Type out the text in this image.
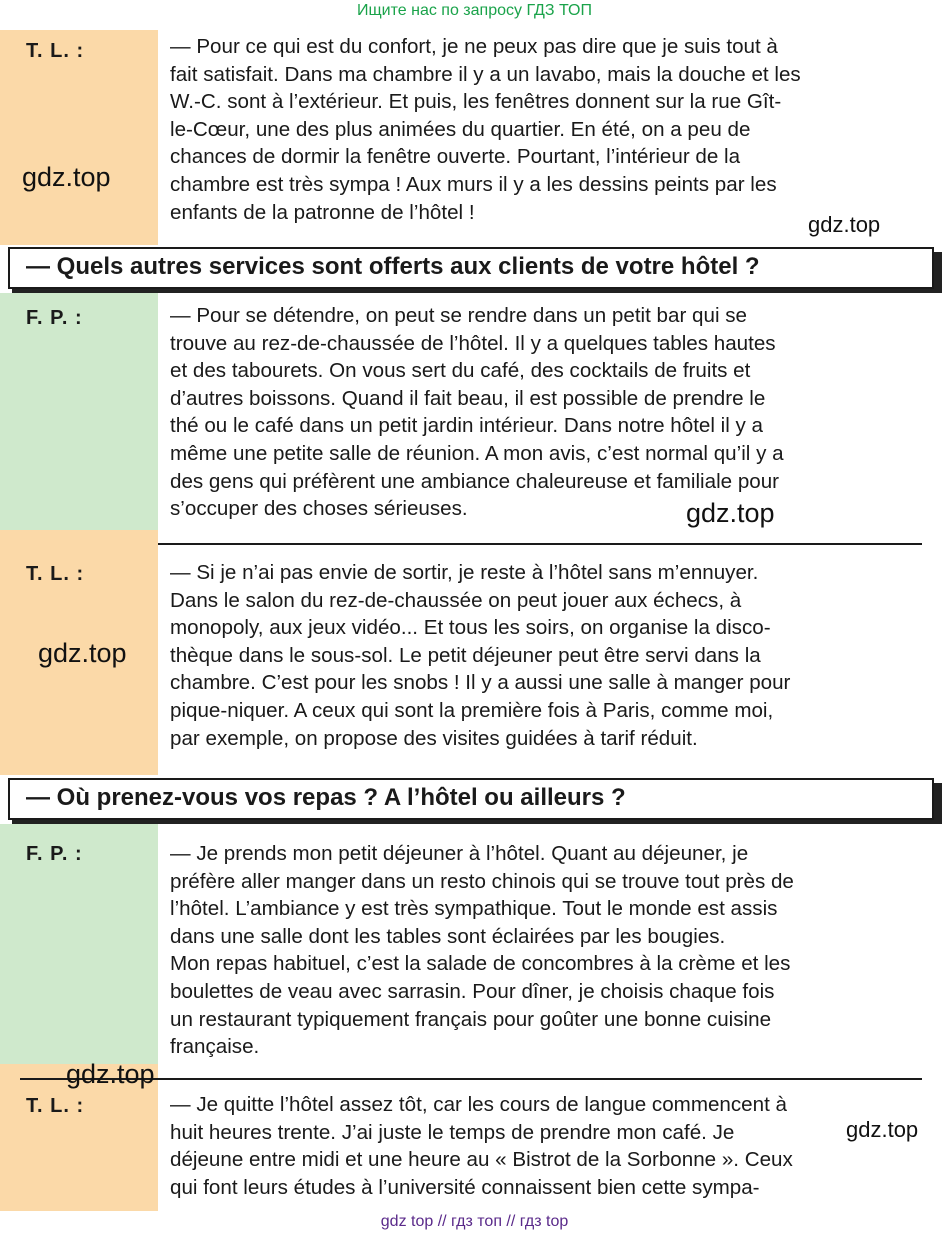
Ищите нас по запросу ГДЗ ТОП
T. L. :	— Pour ce qui est du confort, je ne peux pas dire que je suis tout à
fait satisfait. Dans ma chambre il y a un lavabo, mais la douche et les
W.-C. sont à l’extérieur. Et puis, les fenêtres donnent sur la rue Gît-
le-Cœur, une des plus animées du quartier. En été, on a peu de
chances de dormir la fenêtre ouverte. Pourtant, l’intérieur de la
chambre est très sympa ! Aux murs il y a les dessins peints par les
enfants de la patronne de l’hôtel !

— Quels autres services sont offerts aux clients de votre hôtel ?
F. P. :	— Pour se détendre, on peut se rendre dans un petit bar qui se
trouve au rez-de-chaussée de l’hôtel. Il y a quelques tables hautes
et des tabourets. On vous sert du café, des cocktails de fruits et
d’autres boissons. Quand il fait beau, il est possible de prendre le
thé ou le café dans un petit jardin intérieur. Dans notre hôtel il y a
même une petite salle de réunion. A mon avis, c’est normal qu’il y a
des gens qui préfèrent une ambiance chaleureuse et familiale pour
s’occuper des choses sérieuses.

T. L. :	— Si je n’ai pas envie de sortir, je reste à l’hôtel sans m’ennuyer.
Dans le salon du rez-de-chaussée on peut jouer aux échecs, à
monopoly, aux jeux vidéo... Et tous les soirs, on organise la disco-
thèque dans le sous-sol. Le petit déjeuner peut être servi dans la
chambre. C’est pour les snobs ! Il y a aussi une salle à manger pour
pique-niquer. A ceux qui sont la première fois à Paris, comme moi,
par exemple, on propose des visites guidées à tarif réduit.

— Où prenez-vous vos repas ? A l’hôtel ou ailleurs ?
F. P. :	— Je prends mon petit déjeuner à l’hôtel. Quant au déjeuner, je
préfère aller manger dans un resto chinois qui se trouve tout près de
l’hôtel. L’ambiance y est très sympathique. Tout le monde est assis
dans une salle dont les tables sont éclairées par les bougies.
Mon repas habituel, c’est la salade de concombres à la crème et les
boulettes de veau avec sarrasin. Pour dîner, je choisis chaque fois
un restaurant typiquement français pour goûter une bonne cuisine
française.

T. L. :	— Je quitte l’hôtel assez tôt, car les cours de langue commencent à
huit heures trente. J’ai juste le temps de prendre mon café. Je
déjeune entre midi et une heure au « Bistrot de la Sorbonne ». Ceux
qui font leurs études à l’université connaissent bien cette sympa-

gdz.top
gdz.top
gdz.top
gdz.top
gdz.top
gdz.top
gdz top // гдз топ // гдз top
